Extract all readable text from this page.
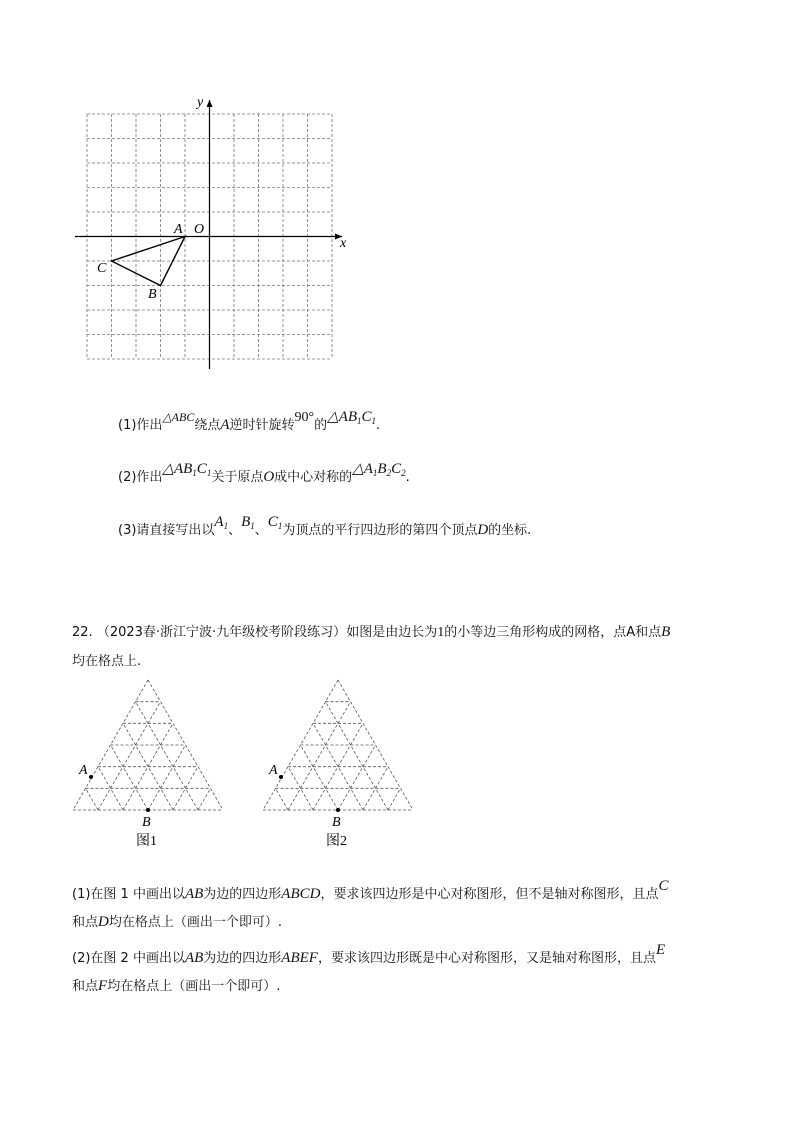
x
y
O
A
B
C
(1)作出△ABC绕点A逆时针旋转90°的$\triangle AB_1C_1$.
(2)作出$\triangle AB_1C_1$关于原点O成中心对称的$\triangle A_1B_2C_2$.
(3)请直接写出以$A_1$、$B_1$、$C_1$为顶点的平行四边形的第四个顶点D的坐标.
22. （2023春·浙江宁波·九年级校考阶段练习）如图是由边长为1的小等边三角形构成的网格，点A和点B
均在格点上.
A
B
图1
A
B
图2
(1)在图 1 中画出以AB为边的四边形ABCD，要求该四边形是中心对称图形，但不是轴对称图形，且点C
和点D均在格点上（画出一个即可）.
(2)在图 2 中画出以AB为边的四边形ABEF，要求该四边形既是中心对称图形，又是轴对称图形，且点E
和点F均在格点上（画出一个即可）.
